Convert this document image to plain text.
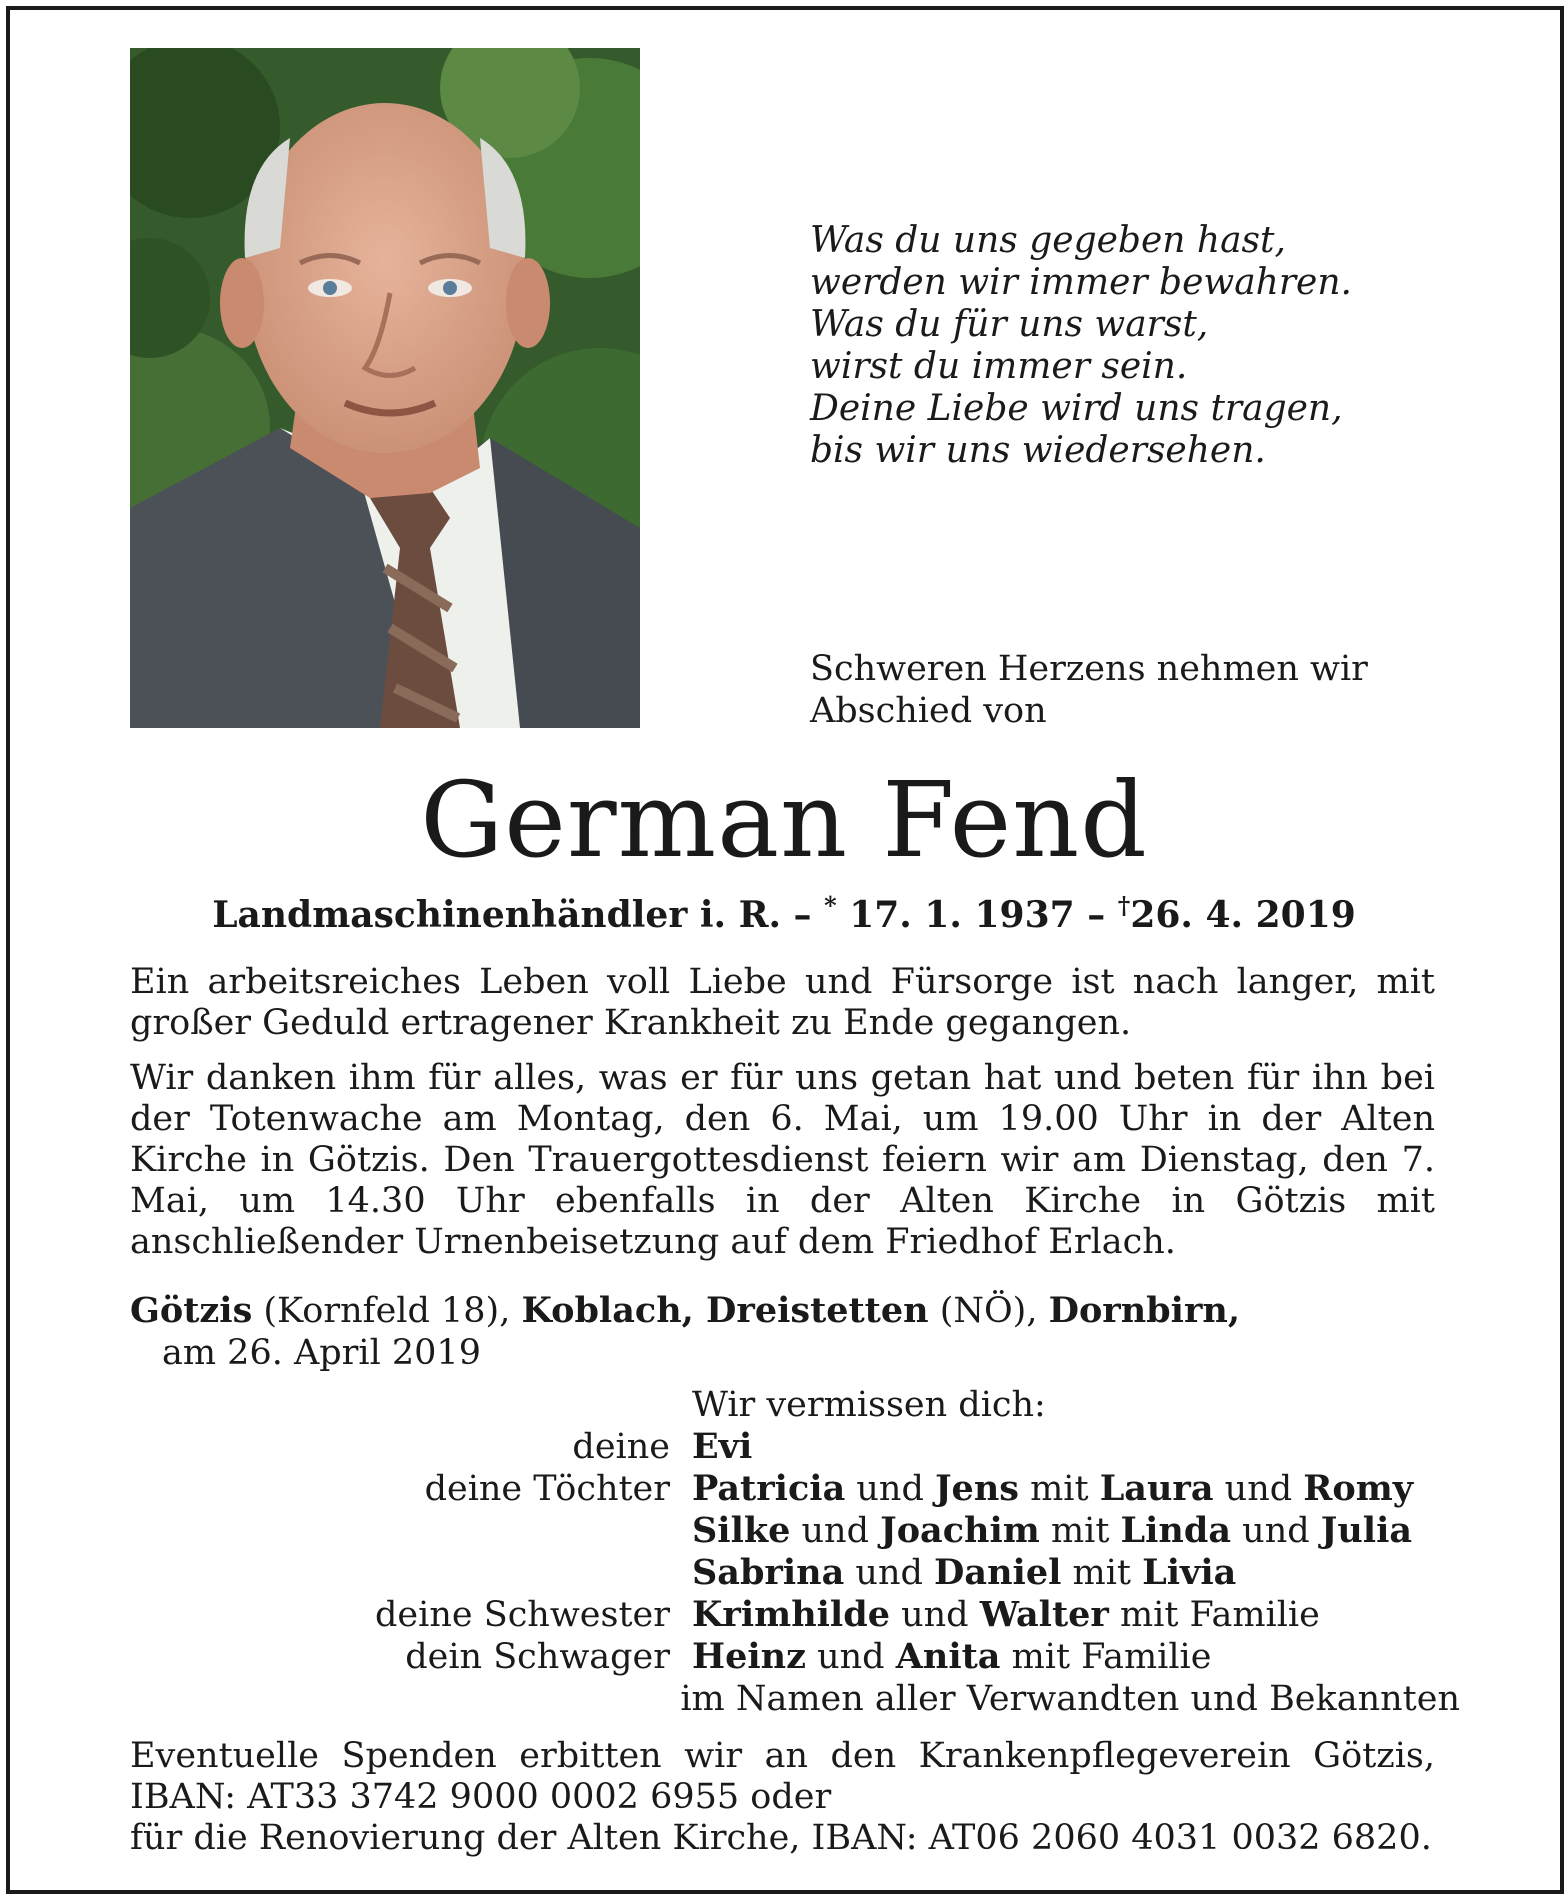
Was du uns gegeben hast,
werden wir immer bewahren.
Was du für uns warst,
wirst du immer sein.
Deine Liebe wird uns tragen,
bis wir uns wiedersehen.
Schweren Herzens nehmen wir
Abschied von
German Fend
Landmaschinenhändler i. R. – * 17. 1. 1937 – †26. 4. 2019
Ein arbeitsreiches Leben voll Liebe und Fürsorge ist nach langer, mit großer Geduld ertragener Krankheit zu Ende gegangen.
Wir danken ihm für alles, was er für uns getan hat und beten für ihn bei der Totenwache am Montag, den 6. Mai, um 19.00 Uhr in der Alten Kirche in Götzis. Den Trauergottesdienst feiern wir am Dienstag, den 7. Mai, um 14.30 Uhr ebenfalls in der Alten Kirche in Götzis mit anschließender Urnenbeisetzung auf dem Friedhof Erlach.
Götzis (Kornfeld 18), Koblach, Dreistetten (NÖ), Dornbirn,
am 26. April 2019
Wir vermissen dich:
deine Evi
deine Töchter Patricia und Jens mit Laura und Romy
Silke und Joachim mit Linda und Julia
Sabrina und Daniel mit Livia
deine Schwester Krimhilde und Walter mit Familie
dein Schwager Heinz und Anita mit Familie
im Namen aller Verwandten und Bekannten
Eventuelle Spenden erbitten wir an den Krankenpflegeverein Götzis,
IBAN: AT33 3742 9000 0002 6955 oder
für die Renovierung der Alten Kirche, IBAN: AT06 2060 4031 0032 6820.
